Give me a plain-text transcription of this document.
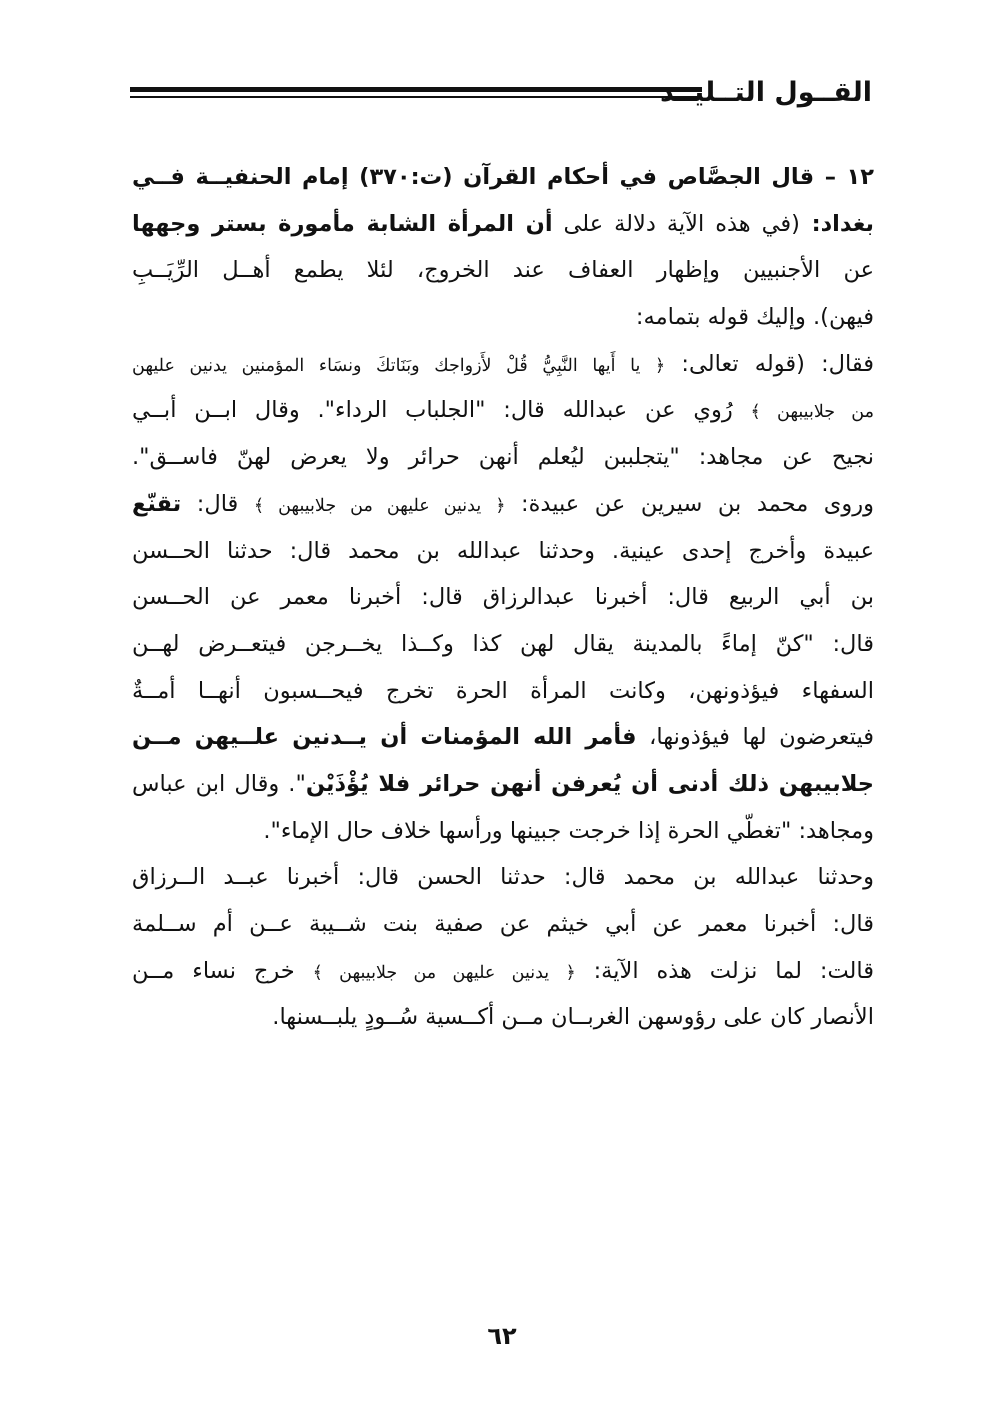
القــول التــليــد
١٢ – قال الجصَّاص في أحكام القرآن (ت:٣٧٠) إمام الحنفيــة فــي
بغداد: (في هذه الآية دلالة على أن المرأة الشابة مأمورة بستر وجهها
عن الأجنبيين وإظهار العفاف عند الخروج، لئلا يطمع أهــل الرِّيَــبِ
فيهن). وإليك قوله بتمامه:
فقال: (قوله تعالى: ﴿ يا أَيها النَّبِيُّ قُلْ لأَزواجك وبَنَاتكَ ونسَاء المؤمنين يدنين عليهن
من جلابيبهن ﴾ رُوي عن عبدالله قال: "الجلباب الرداء". وقال ابــن أبــي
نجيح عن مجاهد: "يتجلببن ليُعلم أنهن حرائر ولا يعرض لهنّ فاســق".
وروى محمد بن سيرين عن عبيدة: ﴿ يدنين عليهن من جلابيبهن ﴾ قال: تقنّع
عبيدة وأخرج إحدى عينية. وحدثنا عبدالله بن محمد قال: حدثنا الحــسن
بن أبي الربيع قال: أخبرنا عبدالرزاق قال: أخبرنا معمر عن الحــسن
قال: "كنّ إماءً بالمدينة يقال لهن كذا وكــذا يخــرجن فيتعــرض لهــن
السفهاء فيؤذونهن، وكانت المرأة الحرة تخرج فيحــسبون أنهــا أمــةٌ
فيتعرضون لها فيؤذونها، فأمر الله المؤمنات أن يــدنين علــيهن مــن
جلابيبهن ذلك أدنى أن يُعرفن أنهن حرائر فلا يُؤْذَيْن". وقال ابن عباس
ومجاهد: "تغطّي الحرة إذا خرجت جبينها ورأسها خلاف حال الإماء".
وحدثنا عبدالله بن محمد قال: حدثنا الحسن قال: أخبرنا عبــد الــرزاق
قال: أخبرنا معمر عن أبي خيثم عن صفية بنت شــيبة عــن أم ســلمة
قالت: لما نزلت هذه الآية: ﴿ يدنين عليهن من جلابيبهن ﴾ خرج نساء مــن
الأنصار كان على رؤوسهن الغربــان مــن أكــسية سُــودٍ يلبــسنها.
٦٢
